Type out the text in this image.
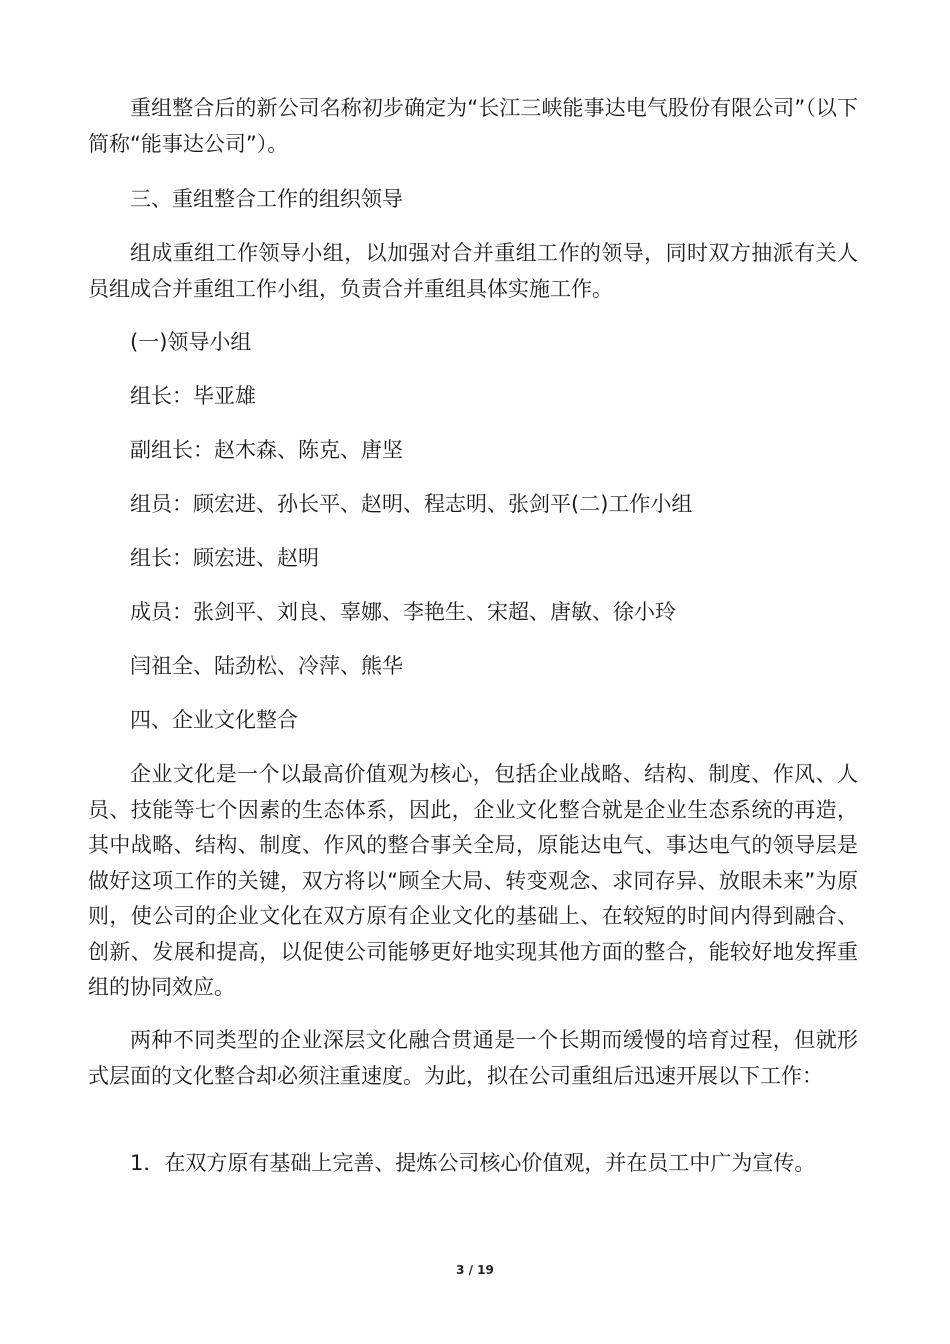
重组整合后的新公司名称初步确定为“长江三峡能事达电气股份有限公司”（以下简称“能事达公司”）。
三、重组整合工作的组织领导
组成重组工作领导小组，以加强对合并重组工作的领导，同时双方抽派有关人员组成合并重组工作小组，负责合并重组具体实施工作。
(一)领导小组
组长：毕亚雄
副组长：赵木森、陈克、唐坚
组员：顾宏进、孙长平、赵明、程志明、张剑平(二)工作小组
组长：顾宏进、赵明
成员：张剑平、刘良、辜娜、李艳生、宋超、唐敏、徐小玲
闫祖全、陆劲松、冷萍、熊华
四、企业文化整合
企业文化是一个以最高价值观为核心，包括企业战略、结构、制度、作风、人员、技能等七个因素的生态体系，因此，企业文化整合就是企业生态系统的再造，其中战略、结构、制度、作风的整合事关全局，原能达电气、事达电气的领导层是做好这项工作的关键，双方将以“顾全大局、转变观念、求同存异、放眼未来”为原则，使公司的企业文化在双方原有企业文化的基础上、在较短的时间内得到融合、创新、发展和提高，以促使公司能够更好地实现其他方面的整合，能较好地发挥重组的协同效应。
两种不同类型的企业深层文化融合贯通是一个长期而缓慢的培育过程，但就形式层面的文化整合却必须注重速度。为此，拟在公司重组后迅速开展以下工作：
1．在双方原有基础上完善、提炼公司核心价值观，并在员工中广为宣传。
3 / 19
